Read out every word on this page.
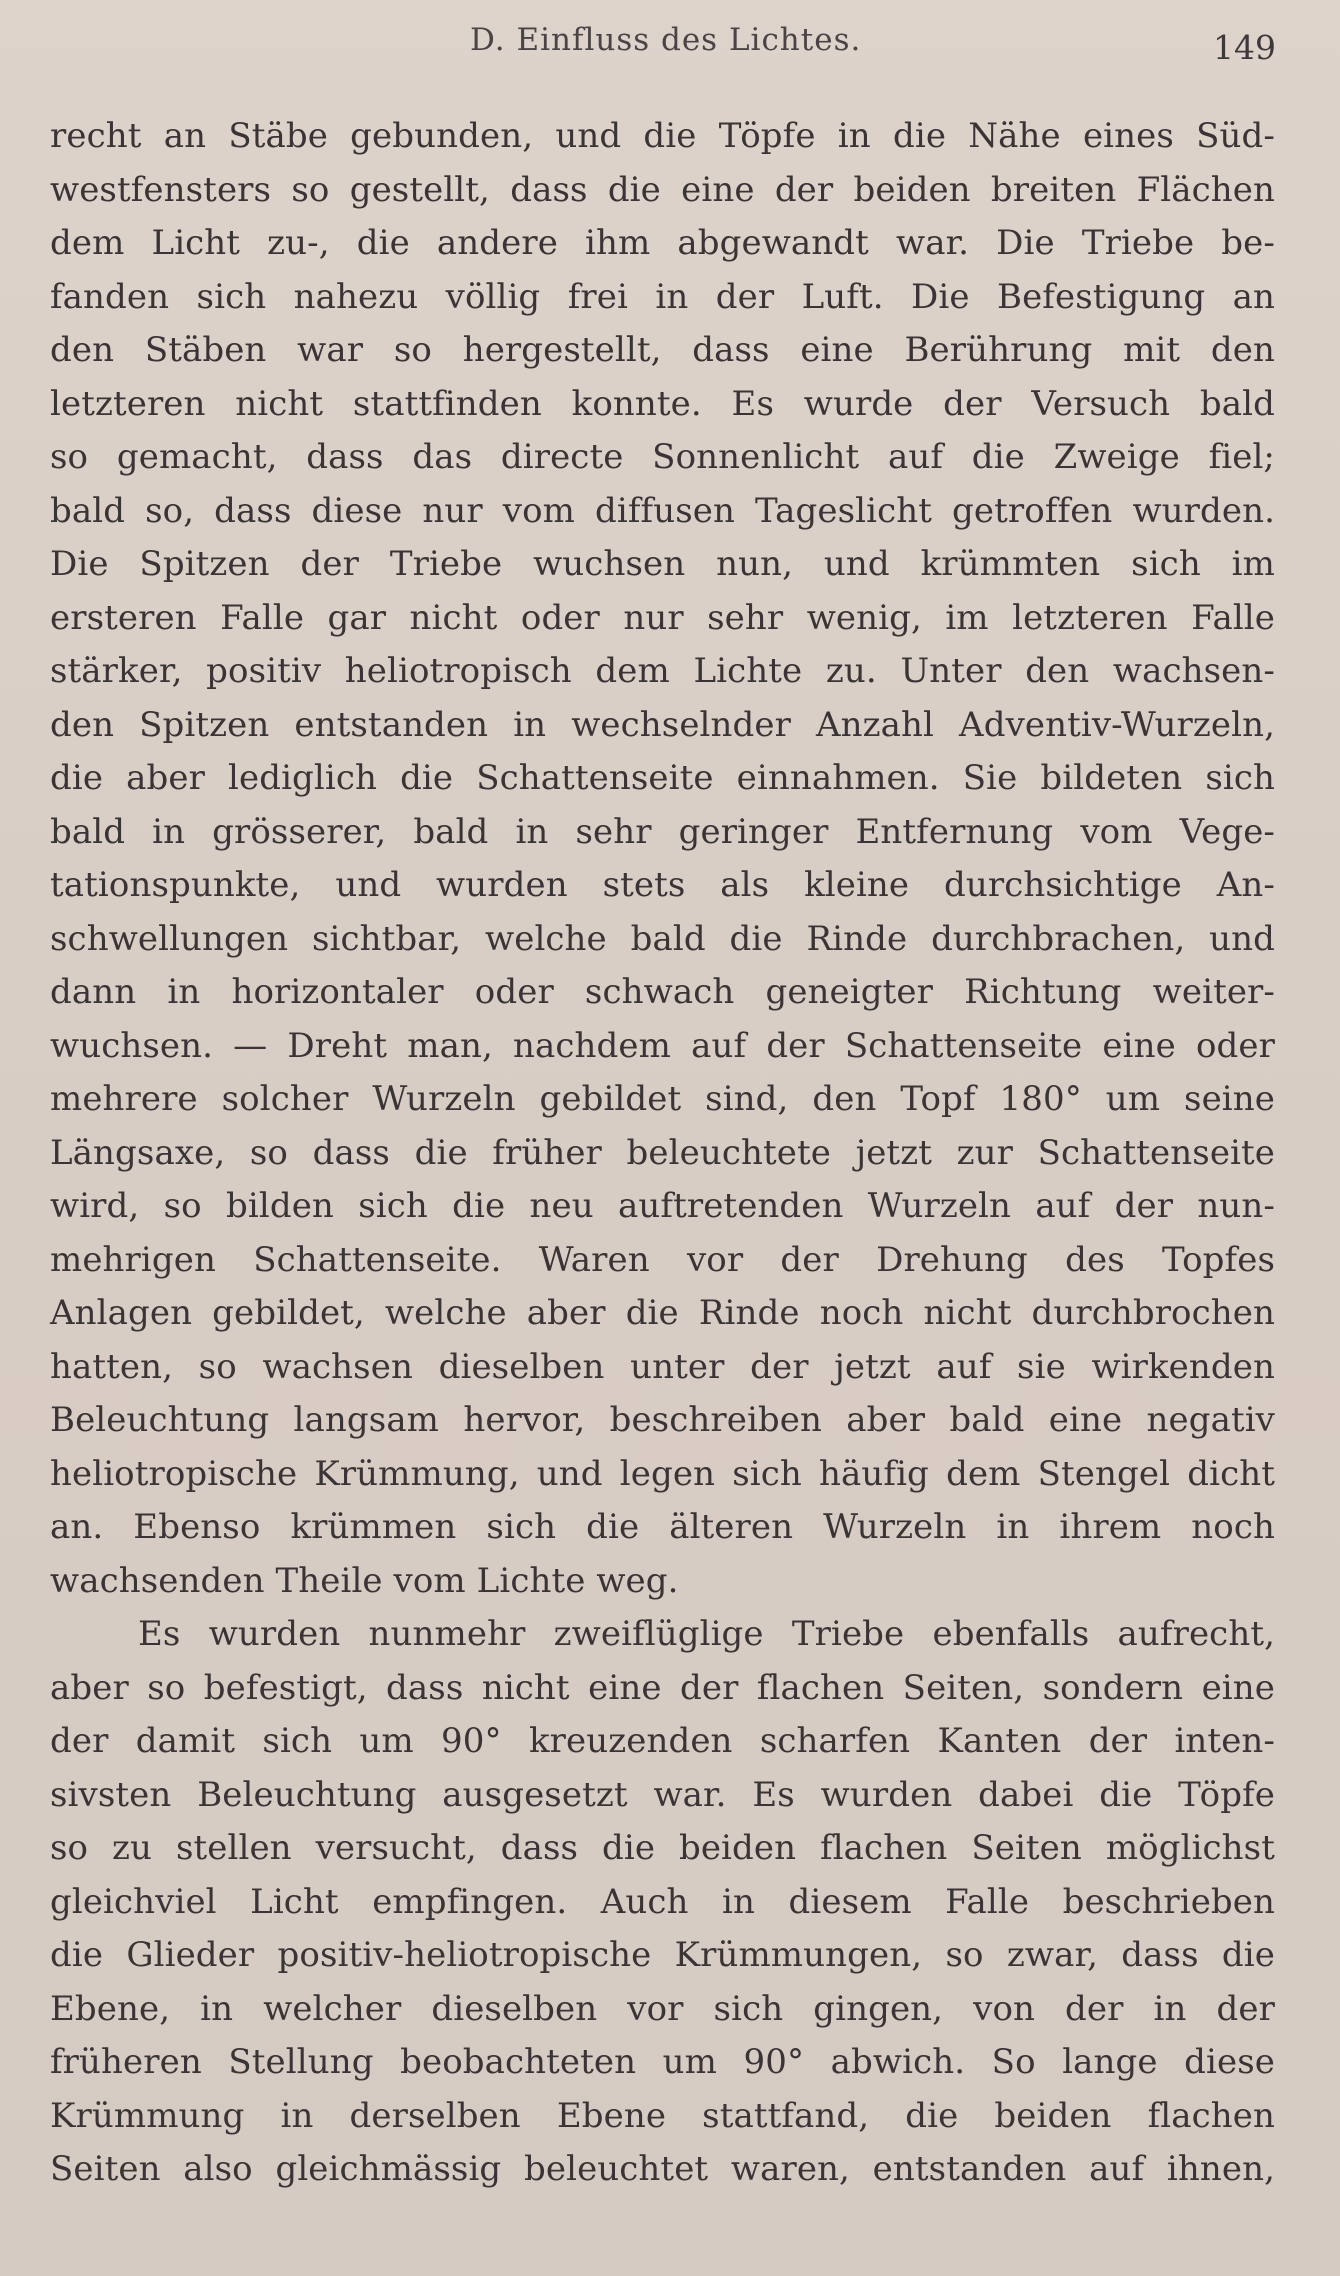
D. Einfluss des Lichtes.	149
recht an Stäbe gebunden, und die Töpfe in die Nähe eines Süd-
westfensters so gestellt, dass die eine der beiden breiten Flächen
dem Licht zu-, die andere ihm abgewandt war. Die Triebe be-
fanden sich nahezu völlig frei in der Luft. Die Befestigung an
den Stäben war so hergestellt, dass eine Berührung mit den
letzteren nicht stattfinden konnte. Es wurde der Versuch bald
so gemacht, dass das directe Sonnenlicht auf die Zweige fiel;
bald so, dass diese nur vom diffusen Tageslicht getroffen wurden.
Die Spitzen der Triebe wuchsen nun, und krümmten sich im
ersteren Falle gar nicht oder nur sehr wenig, im letzteren Falle
stärker, positiv heliotropisch dem Lichte zu. Unter den wachsen-
den Spitzen entstanden in wechselnder Anzahl Adventiv-Wurzeln,
die aber lediglich die Schattenseite einnahmen. Sie bildeten sich
bald in grösserer, bald in sehr geringer Entfernung vom Vege-
tationspunkte, und wurden stets als kleine durchsichtige An-
schwellungen sichtbar, welche bald die Rinde durchbrachen, und
dann in horizontaler oder schwach geneigter Richtung weiter-
wuchsen. — Dreht man, nachdem auf der Schattenseite eine oder
mehrere solcher Wurzeln gebildet sind, den Topf 180° um seine
Längsaxe, so dass die früher beleuchtete jetzt zur Schattenseite
wird, so bilden sich die neu auftretenden Wurzeln auf der nun-
mehrigen Schattenseite. Waren vor der Drehung des Topfes
Anlagen gebildet, welche aber die Rinde noch nicht durchbrochen
hatten, so wachsen dieselben unter der jetzt auf sie wirkenden
Beleuchtung langsam hervor, beschreiben aber bald eine negativ
heliotropische Krümmung, und legen sich häufig dem Stengel dicht
an. Ebenso krümmen sich die älteren Wurzeln in ihrem noch
wachsenden Theile vom Lichte weg.
Es wurden nunmehr zweiflüglige Triebe ebenfalls aufrecht,
aber so befestigt, dass nicht eine der flachen Seiten, sondern eine
der damit sich um 90° kreuzenden scharfen Kanten der inten-
sivsten Beleuchtung ausgesetzt war. Es wurden dabei die Töpfe
so zu stellen versucht, dass die beiden flachen Seiten möglichst
gleichviel Licht empfingen. Auch in diesem Falle beschrieben
die Glieder positiv-heliotropische Krümmungen, so zwar, dass die
Ebene, in welcher dieselben vor sich gingen, von der in der
früheren Stellung beobachteten um 90° abwich. So lange diese
Krümmung in derselben Ebene stattfand, die beiden flachen
Seiten also gleichmässig beleuchtet waren, entstanden auf ihnen,
